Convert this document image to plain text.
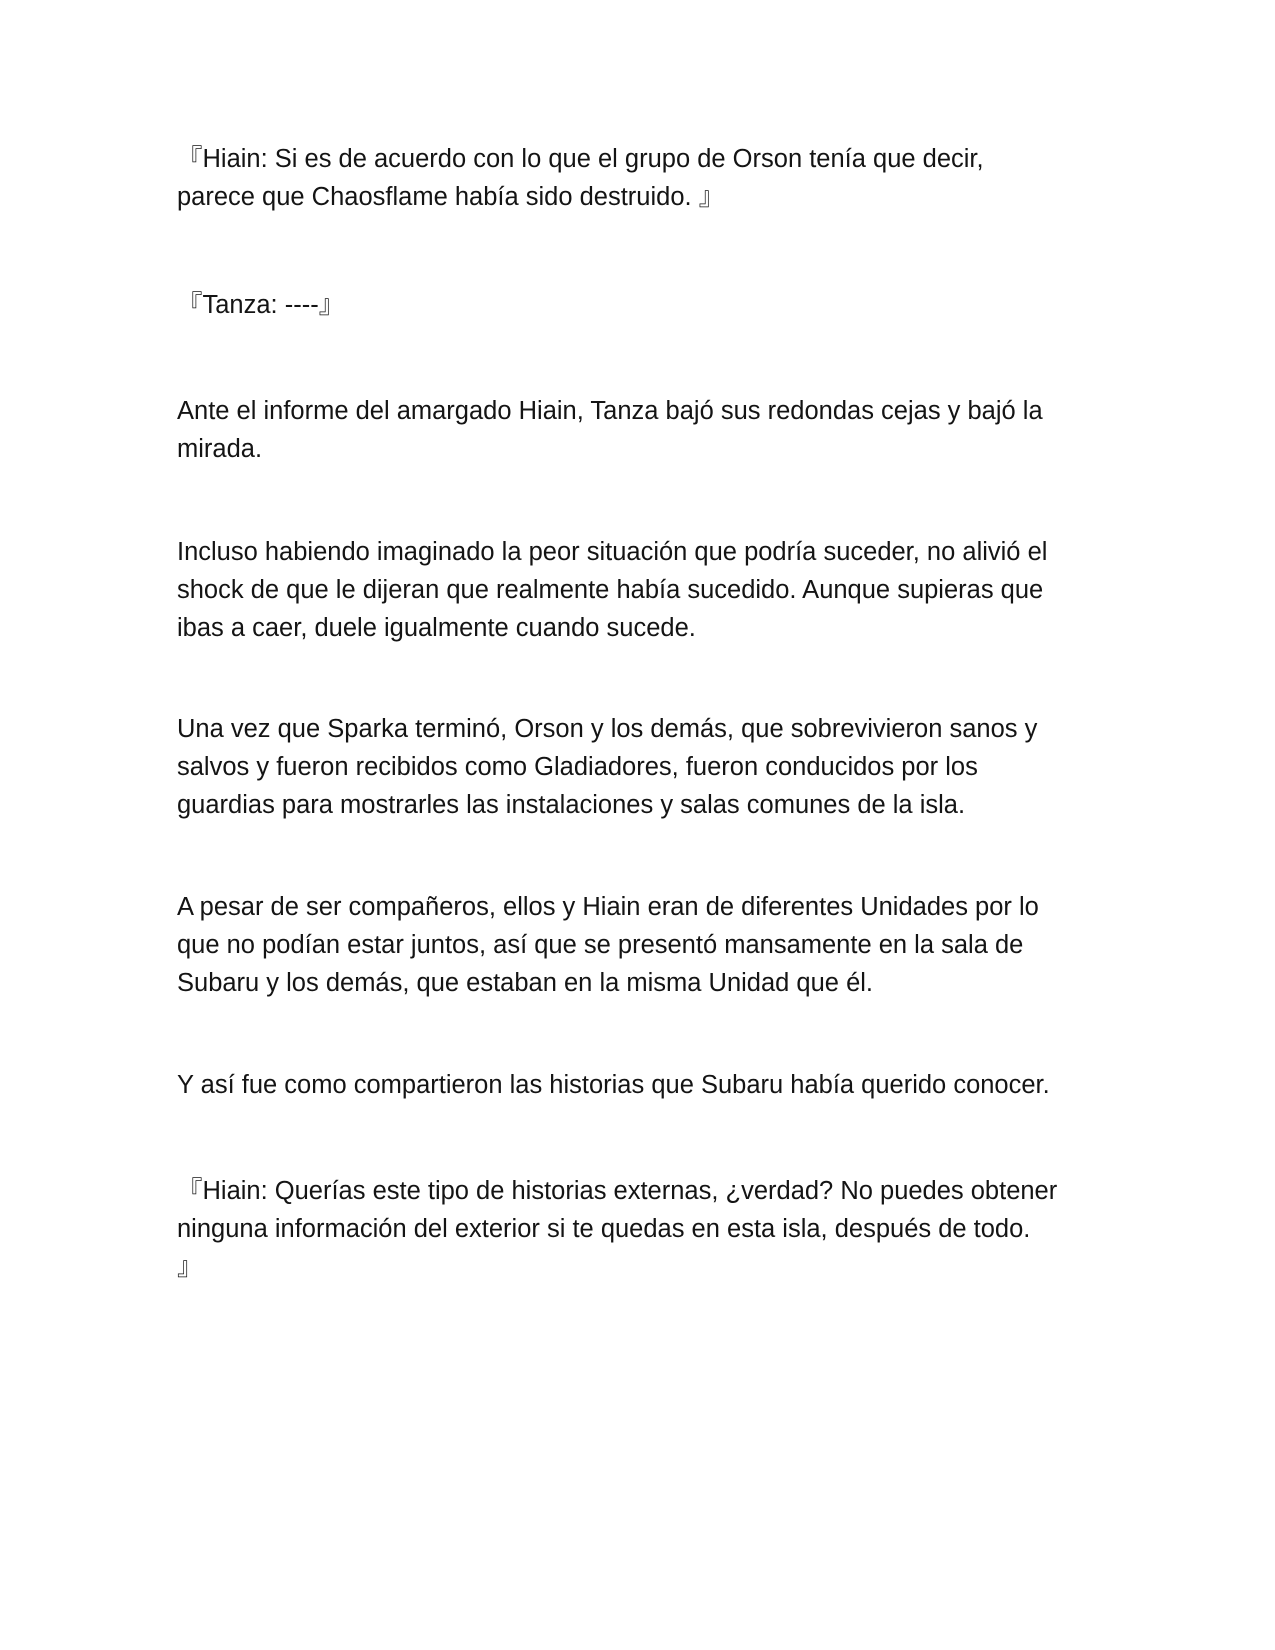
『Hiain: Si es de acuerdo con lo que el grupo de Orson tenía que decir,
parece que Chaosflame había sido destruido. 』
『Tanza: ----』
Ante el informe del amargado Hiain, Tanza bajó sus redondas cejas y bajó la
mirada.
Incluso habiendo imaginado la peor situación que podría suceder, no alivió el
shock de que le dijeran que realmente había sucedido. Aunque supieras que
ibas a caer, duele igualmente cuando sucede.
Una vez que Sparka terminó, Orson y los demás, que sobrevivieron sanos y
salvos y fueron recibidos como Gladiadores, fueron conducidos por los
guardias para mostrarles las instalaciones y salas comunes de la isla.
A pesar de ser compañeros, ellos y Hiain eran de diferentes Unidades por lo
que no podían estar juntos, así que se presentó mansamente en la sala de
Subaru y los demás, que estaban en la misma Unidad que él.
Y así fue como compartieron las historias que Subaru había querido conocer.
『Hiain: Querías este tipo de historias externas, ¿verdad? No puedes obtener
ninguna información del exterior si te quedas en esta isla, después de todo.
』
